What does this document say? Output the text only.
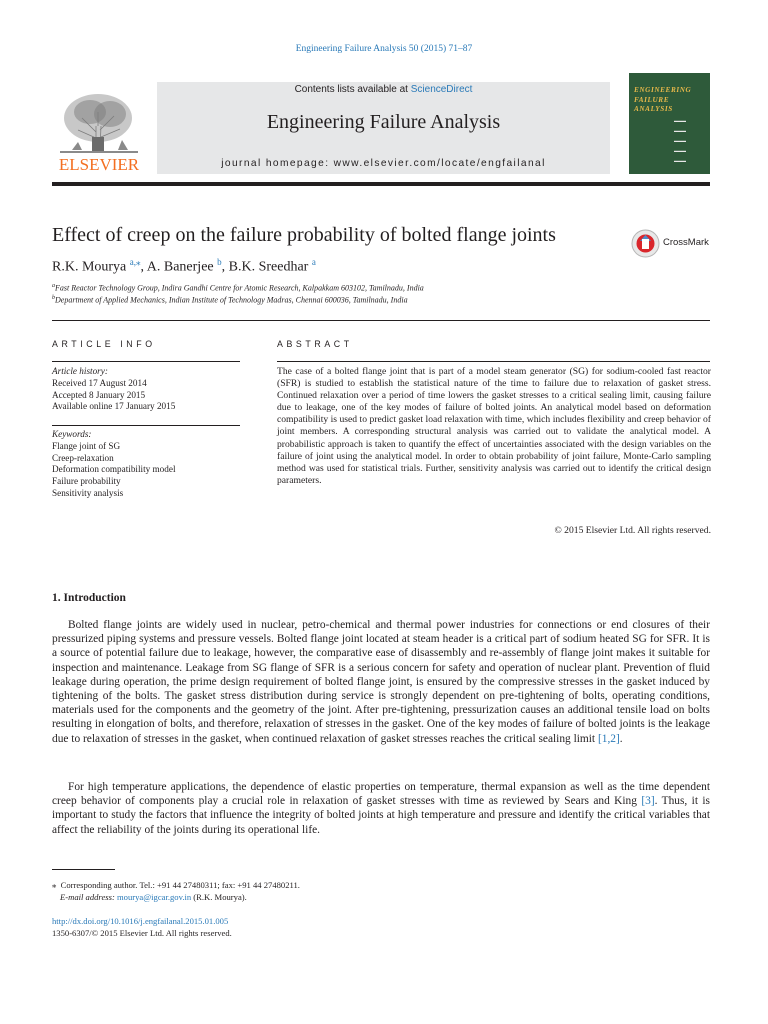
Engineering Failure Analysis 50 (2015) 71–87
ELSEVIER
Contents lists available at ScienceDirect
Engineering Failure Analysis
journal homepage: www.elsevier.com/locate/engfailanal
ENGINEERING
FAILURE
ANALYSIS
▬▬▬
▬▬▬
▬▬▬
▬▬▬
▬▬▬
Effect of creep on the failure probability of bolted flange joints	CrossMark
R.K. Mourya $^{a,⁎}$, A. Banerjee $^b$, B.K. Sreedhar $^a$
$^a$Fast Reactor Technology Group, Indira Gandhi Centre for Atomic Research, Kalpakkam 603102, Tamilnadu, India
$^b$Department of Applied Mechanics, Indian Institute of Technology Madras, Chennai 600036, Tamilnadu, India
ARTICLE INFO	ABSTRACT
Article history:
Received 17 August 2014
Accepted 8 January 2015
Available online 17 January 2015
Keywords:
Flange joint of SG
Creep-relaxation
Deformation compatibility model
Failure probability
Sensitivity analysis
The case of a bolted flange joint that is part of a model steam generator (SG) for sodium-cooled fast reactor (SFR) is studied to establish the statistical nature of the time to failure due to relaxation of gasket stress. Continued relaxation over a period of time lowers the gasket stresses to a critical sealing limit, causing failure due to leakage, one of the key modes of failure of bolted joints. An analytical model based on deformation compatibility is used to predict gasket load relaxation with time, which includes flexibility and creep behavior of joint members. A corresponding structural analysis was carried out to validate the analytical model. A probabilistic approach is taken to quantify the effect of uncertainties associated with the design variables on the failure of joint using the analytical model. In order to obtain probability of joint failure, Monte-Carlo sampling method was used for statistical trials. Further, sensitivity analysis was carried out to identify the critical design parameters.
© 2015 Elsevier Ltd. All rights reserved.
1. Introduction
Bolted flange joints are widely used in nuclear, petro-chemical and thermal power industries for connections or end closures of their pressurized piping systems and pressure vessels. Bolted flange joint located at steam header is a critical part of sodium heated SG for SFR. It is a source of potential failure due to leakage, however, the comparative ease of disassembly and re-assembly of flange joint makes it suitable for inspection and maintenance. Leakage from SG flange of SFR is a serious concern for safety and operation of nuclear plant. Prevention of fluid leakage during operation, the prime design requirement of bolted flange joint, is ensured by the compressive stresses in the gasket induced by tightening of the bolts. The gasket stress distribution during service is strongly dependent on pre-tightening of bolts, operating conditions, materials used for the components and the geometry of the joint. After pre-tightening, pressurization causes an additional tensile load on bolts resulting in elongation of bolts, and therefore, relaxation of stresses in the gasket. One of the key modes of failure of bolted joints is the leakage due to relaxation of stresses in the gasket, when continued relaxation of gasket stresses reaches the critical sealing limit [1,2].
For high temperature applications, the dependence of elastic properties on temperature, thermal expansion as well as the time dependent creep behavior of components play a crucial role in relaxation of gasket stresses with time as reviewed by Sears and King [3]. Thus, it is important to study the factors that influence the integrity of bolted joints at high temperature and pressure and identify the critical variables that affect the reliability of the joints during its operational life.
⁎ Corresponding author. Tel.: +91 44 27480311; fax: +91 44 27480211.
E-mail address: mourya@igcar.gov.in (R.K. Mourya).
http://dx.doi.org/10.1016/j.engfailanal.2015.01.005
1350-6307/© 2015 Elsevier Ltd. All rights reserved.
